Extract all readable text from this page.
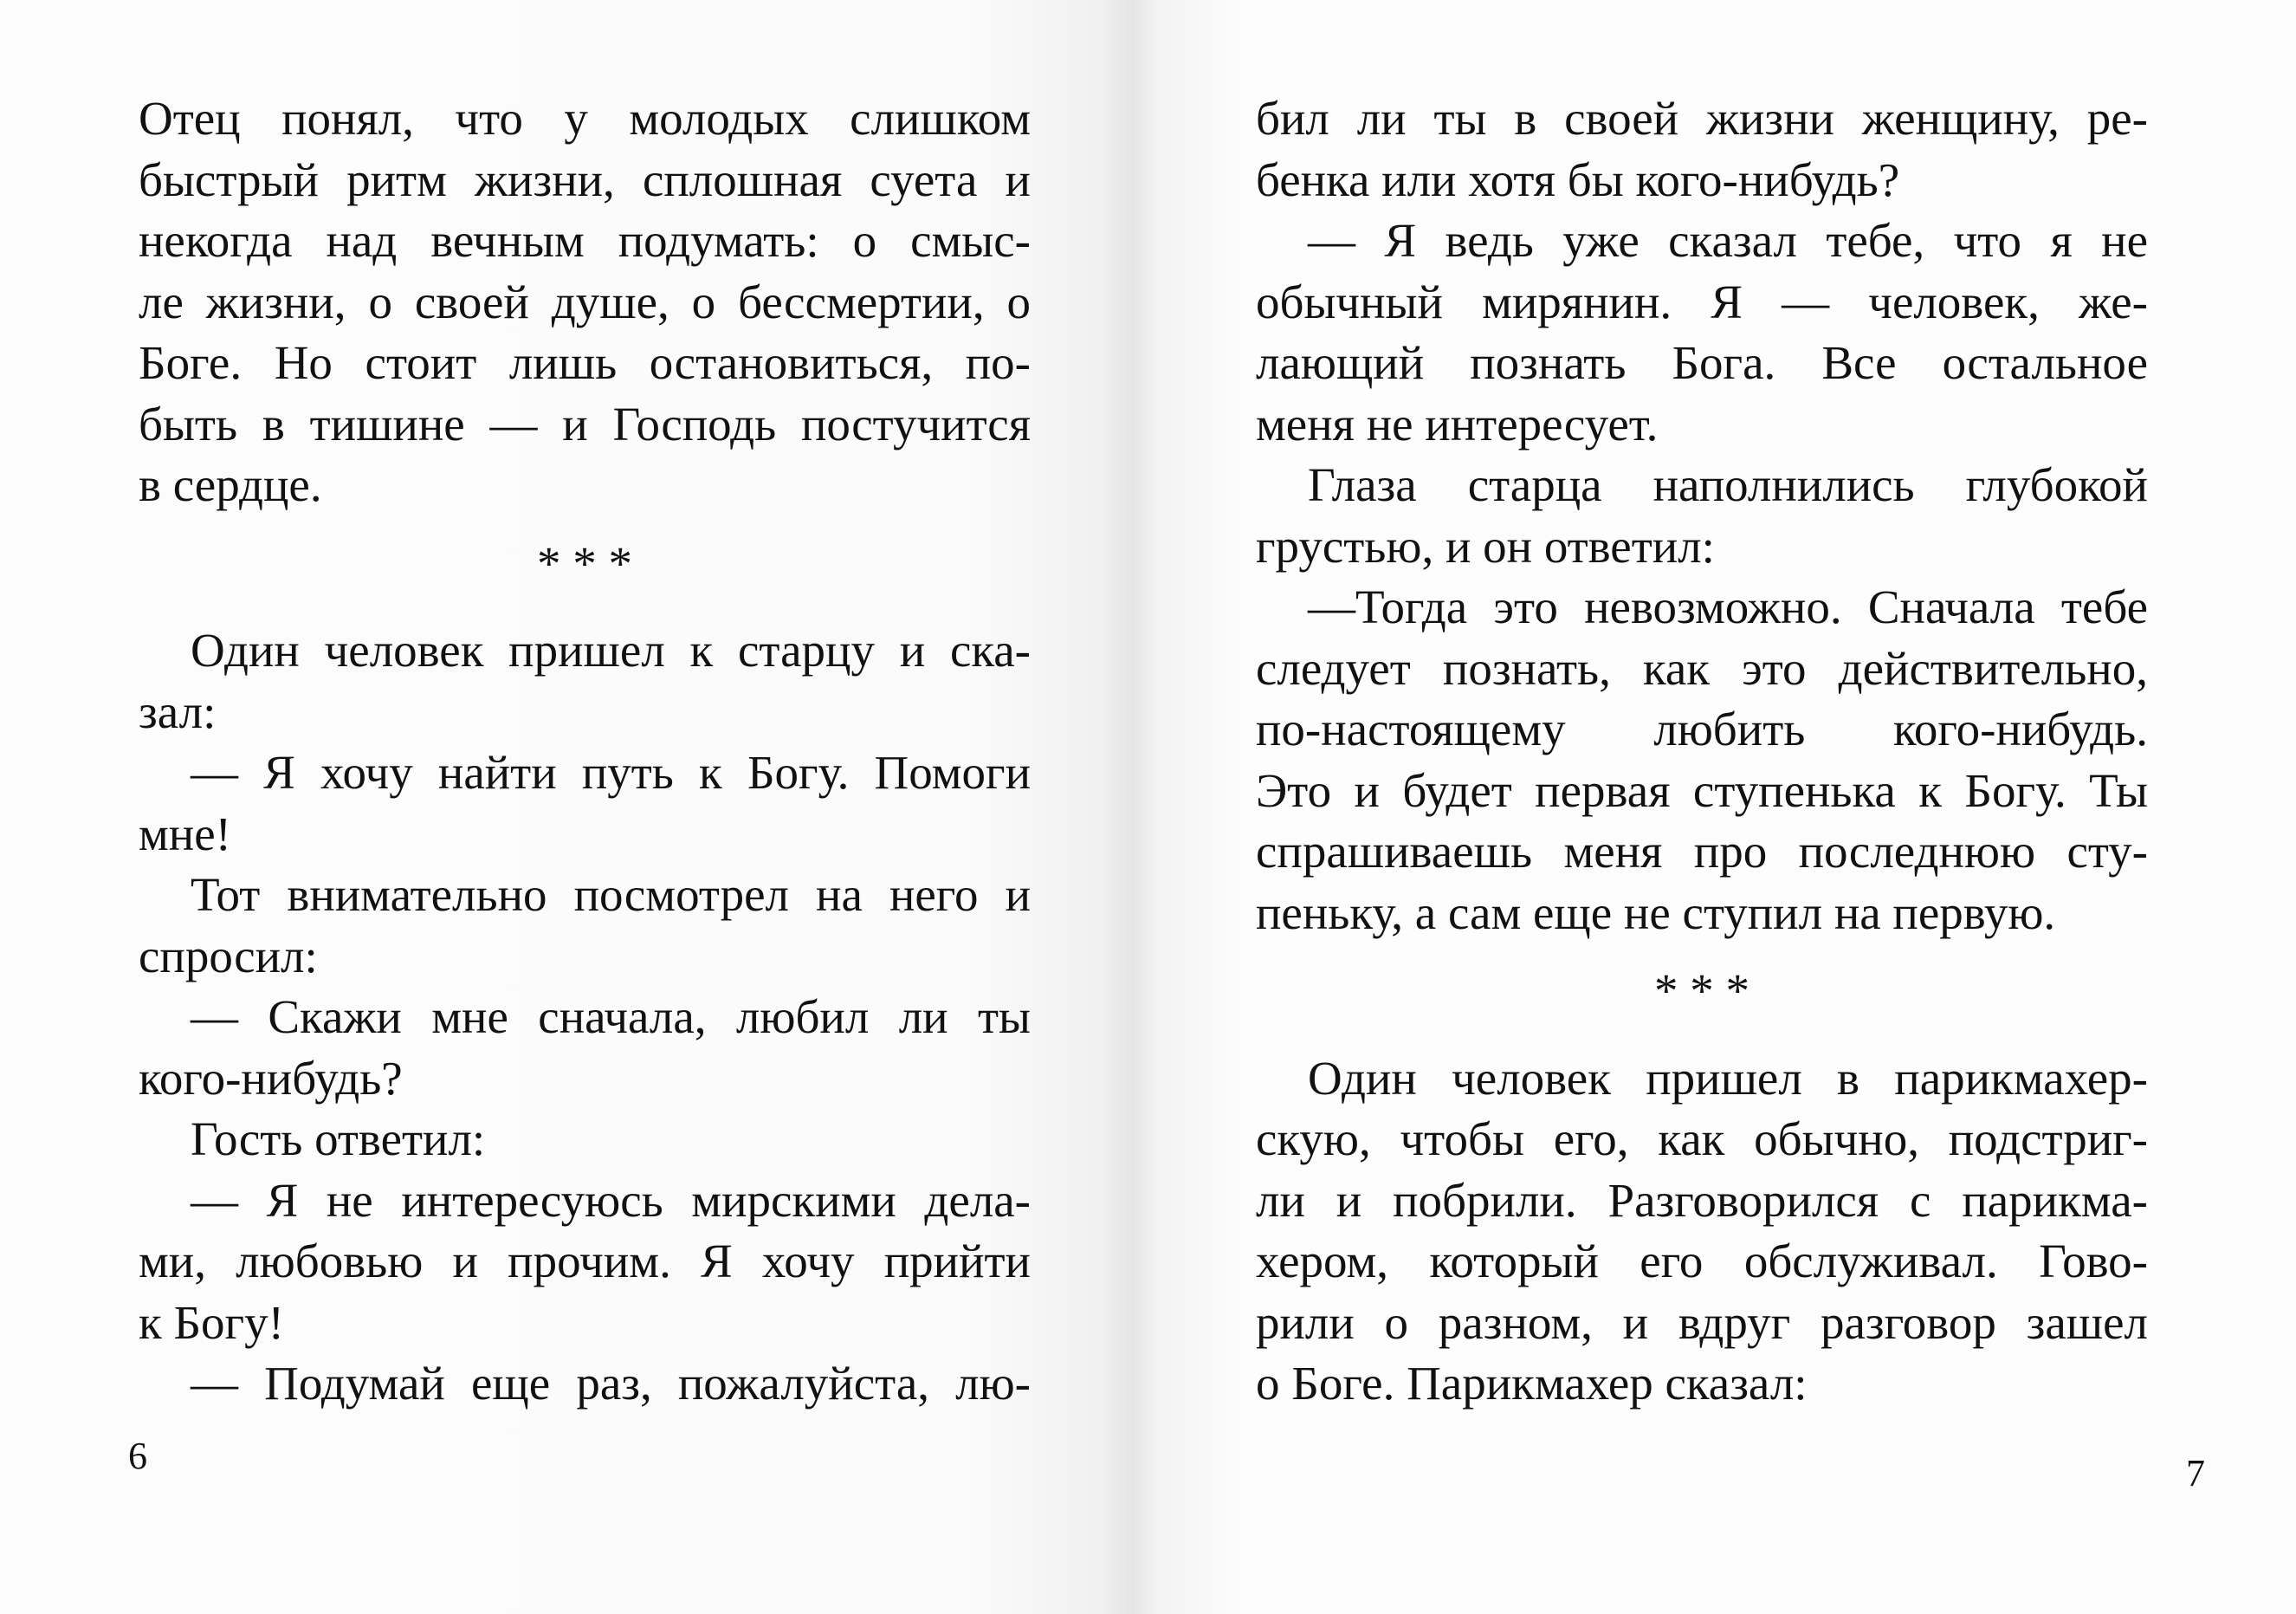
Отец понял, что у молодых слишком
быстрый ритм жизни, сплошная суета и
некогда над вечным подумать: о смыс-
ле жизни, о своей душе, о бессмертии, о
Боге. Но стоит лишь остановиться, по-
быть в тишине — и Господь постучится
в сердце.
* * *
Один человек пришел к старцу и ска-
зал:
— Я хочу найти путь к Богу. Помоги
мне!
Тот внимательно посмотрел на него и
спросил:
— Скажи мне сначала, любил ли ты
кого-нибудь?
Гость ответил:
— Я не интересуюсь мирскими дела-
ми, любовью и прочим. Я хочу прийти
к Богу!
— Подумай еще раз, пожалуйста, лю-
6
бил ли ты в своей жизни женщину, ре-
бенка или хотя бы кого-нибудь?
— Я ведь уже сказал тебе, что я не
обычный мирянин. Я — человек, же-
лающий познать Бога. Все остальное
меня не интересует.
Глаза старца наполнились глубокой
грустью, и он ответил:
—Тогда это невозможно. Сначала тебе
следует познать, как это действительно,
по-настоящему любить кого-нибудь.
Это и будет первая ступенька к Богу. Ты
спрашиваешь меня про последнюю сту-
пеньку, а сам еще не ступил на первую.
* * *
Один человек пришел в парикмахер-
скую, чтобы его, как обычно, подстриг-
ли и побрили. Разговорился с парикма-
хером, который его обслуживал. Гово-
рили о разном, и вдруг разговор зашел
о Боге. Парикмахер сказал:
7
